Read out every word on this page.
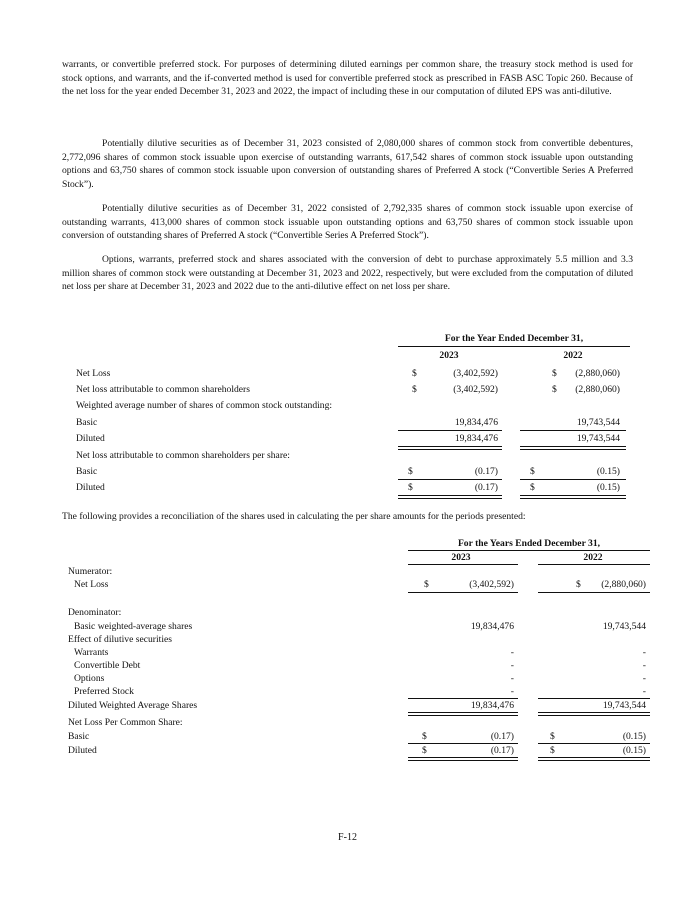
warrants, or convertible preferred stock. For purposes of determining diluted earnings per common share, the treasury stock method is used for stock options, and warrants, and the if-converted method is used for convertible preferred stock as prescribed in FASB ASC Topic 260. Because of the net loss for the year ended December 31, 2023 and 2022, the impact of including these in our computation of diluted EPS was anti-dilutive.

Potentially dilutive securities as of December 31, 2023 consisted of 2,080,000 shares of common stock from convertible debentures, 2,772,096 shares of common stock issuable upon exercise of outstanding warrants, 617,542 shares of common stock issuable upon outstanding options and 63,750 shares of common stock issuable upon conversion of outstanding shares of Preferred A stock (“Convertible Series A Preferred Stock”).

Potentially dilutive securities as of December 31, 2022 consisted of 2,792,335 shares of common stock issuable upon exercise of outstanding warrants, 413,000 shares of common stock issuable upon outstanding options and 63,750 shares of common stock issuable upon conversion of outstanding shares of Preferred A stock (“Convertible Series A Preferred Stock”).

Options, warrants, preferred stock and shares associated with the conversion of debt to purchase approximately 5.5 million and 3.3 million shares of common stock were outstanding at December 31, 2023 and 2022, respectively, but were excluded from the computation of diluted net loss per share at December 31, 2023 and 2022 due to the anti-dilutive effect on net loss per share.

For the Year Ended December 31,
2023	2022
Net Loss	$	(3,402,592)	$	(2,880,060)
Net loss attributable to common shareholders	$	(3,402,592)	$	(2,880,060)
Weighted average number of shares of common stock outstanding:
Basic	19,834,476	19,743,544
Diluted	19,834,476	19,743,544
Net loss attributable to common shareholders per share:
Basic	$	(0.17)	$	(0.15)
Diluted	$	(0.17)	$	(0.15)

The following provides a reconciliation of the shares used in calculating the per share amounts for the periods presented:

For the Years Ended December 31,
2023	2022
Numerator:
Net Loss	$	(3,402,592)	$	(2,880,060)
Denominator:
Basic weighted-average shares	19,834,476	19,743,544
Effect of dilutive securities
Warrants	-	-
Convertible Debt	-	-
Options	-	-
Preferred Stock	-	-
Diluted Weighted Average Shares	19,834,476	19,743,544
Net Loss Per Common Share:
Basic	$	(0.17)	$	(0.15)
Diluted	$	(0.17)	$	(0.15)
F-12
